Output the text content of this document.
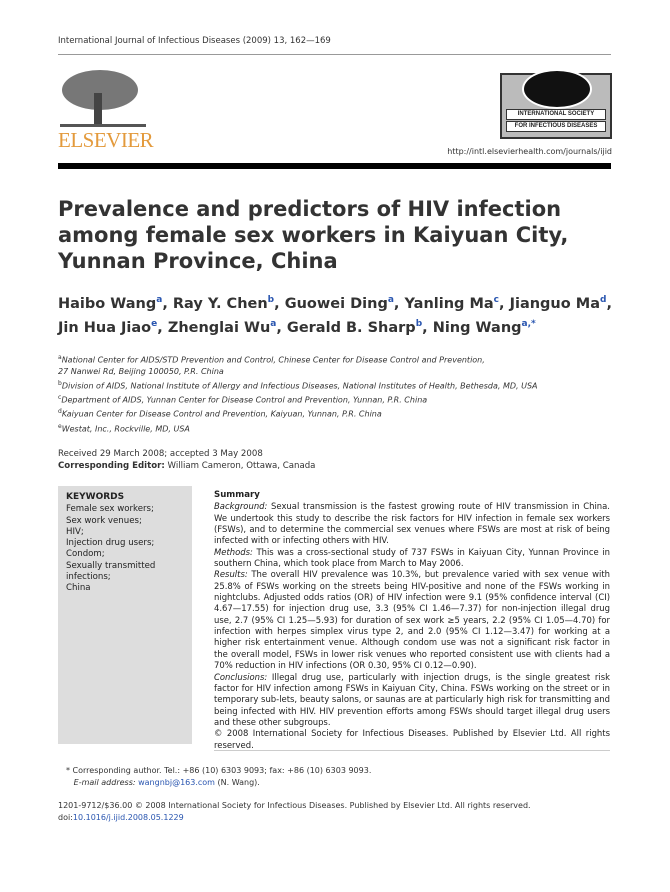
International Journal of Infectious Diseases (2009) 13, 162—169
ELSEVIER
INTERNATIONAL SOCIETY
FOR INFECTIOUS DISEASES
http://intl.elsevierhealth.com/journals/ijid
Prevalence and predictors of HIV infection among female sex workers in Kaiyuan City, Yunnan Province, China
Haibo Wang$^a$, Ray Y. Chen$^b$, Guowei Ding$^a$, Yanling Ma$^c$, Jianguo Ma$^d$,
Jin Hua Jiao$^e$, Zhenglai Wu$^a$, Gerald B. Sharp$^b$, Ning Wang$^{a,*}$
$^a$National Center for AIDS/STD Prevention and Control, Chinese Center for Disease Control and Prevention,
27 Nanwei Rd, Beijing 100050, P.R. China
$^b$Division of AIDS, National Institute of Allergy and Infectious Diseases, National Institutes of Health, Bethesda, MD, USA
$^c$Department of AIDS, Yunnan Center for Disease Control and Prevention, Yunnan, P.R. China
$^d$Kaiyuan Center for Disease Control and Prevention, Kaiyuan, Yunnan, P.R. China
$^e$Westat, Inc., Rockville, MD, USA
Received 29 March 2008; accepted 3 May 2008
Corresponding Editor: William Cameron, Ottawa, Canada
KEYWORDS
Female sex workers;
Sex work venues;
HIV;
Injection drug users;
Condom;
Sexually transmitted infections;
China
Summary

Background: Sexual transmission is the fastest growing route of HIV transmission in China. We undertook this study to describe the risk factors for HIV infection in female sex workers (FSWs), and to determine the commercial sex venues where FSWs are most at risk of being infected with or infecting others with HIV.

Methods: This was a cross-sectional study of 737 FSWs in Kaiyuan City, Yunnan Province in southern China, which took place from March to May 2006.

Results: The overall HIV prevalence was 10.3%, but prevalence varied with sex venue with 25.8% of FSWs working on the streets being HIV-positive and none of the FSWs working in nightclubs. Adjusted odds ratios (OR) of HIV infection were 9.1 (95% confidence interval (CI) 4.67—17.55) for injection drug use, 3.3 (95% CI 1.46—7.37) for non-injection illegal drug use, 2.7 (95% CI 1.25—5.93) for duration of sex work ≥5 years, 2.2 (95% CI 1.05—4.70) for infection with herpes simplex virus type 2, and 2.0 (95% CI 1.12—3.47) for working at a higher risk entertainment venue. Although condom use was not a significant risk factor in the overall model, FSWs in lower risk venues who reported consistent use with clients had a 70% reduction in HIV infections (OR 0.30, 95% CI 0.12—0.90).

Conclusions: Illegal drug use, particularly with injection drugs, is the single greatest risk factor for HIV infection among FSWs in Kaiyuan City, China. FSWs working on the street or in temporary sub-lets, beauty salons, or saunas are at particularly high risk for transmitting and being infected with HIV. HIV prevention efforts among FSWs should target illegal drug users and these other subgroups.

© 2008 International Society for Infectious Diseases. Published by Elsevier Ltd. All rights reserved.
* Corresponding author. Tel.: +86 (10) 6303 9093; fax: +86 (10) 6303 9093.
E-mail address: wangnbj@163.com (N. Wang).
1201-9712/$36.00 © 2008 International Society for Infectious Diseases. Published by Elsevier Ltd. All rights reserved.
doi:10.1016/j.ijid.2008.05.1229
